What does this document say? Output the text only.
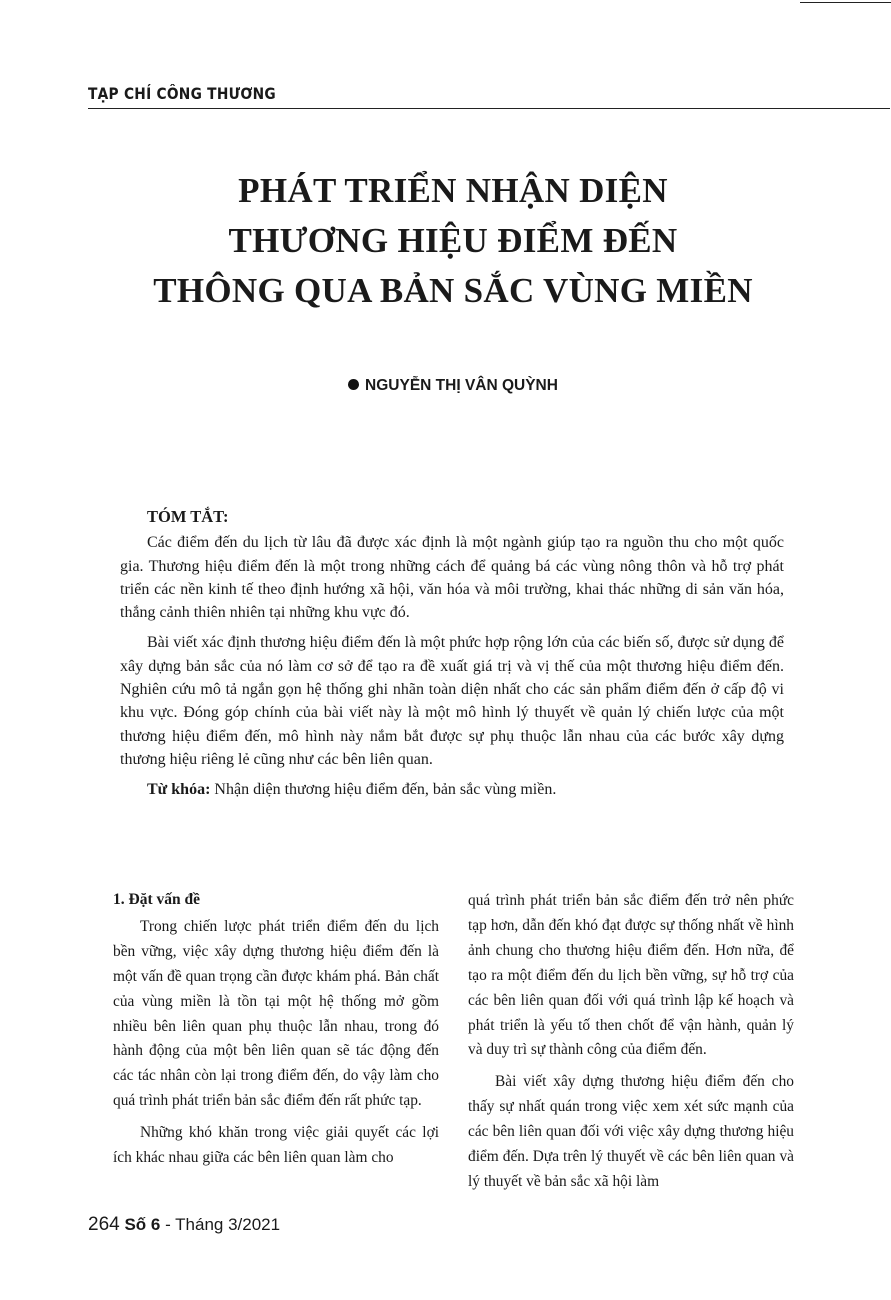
TẠP CHÍ CÔNG THƯƠNG
PHÁT TRIỂN NHẬN DIỆN
THƯƠNG HIỆU ĐIỂM ĐẾN
THÔNG QUA BẢN SẮC VÙNG MIỀN
NGUYỄN THỊ VÂN QUỲNH
TÓM TẮT:

Các điểm đến du lịch từ lâu đã được xác định là một ngành giúp tạo ra nguồn thu cho một quốc gia. Thương hiệu điểm đến là một trong những cách để quảng bá các vùng nông thôn và hỗ trợ phát triển các nền kinh tế theo định hướng xã hội, văn hóa và môi trường, khai thác những di sản văn hóa, thắng cảnh thiên nhiên tại những khu vực đó.

Bài viết xác định thương hiệu điểm đến là một phức hợp rộng lớn của các biến số, được sử dụng để xây dựng bản sắc của nó làm cơ sở để tạo ra đề xuất giá trị và vị thế của một thương hiệu điểm đến. Nghiên cứu mô tả ngắn gọn hệ thống ghi nhãn toàn diện nhất cho các sản phẩm điểm đến ở cấp độ vi khu vực. Đóng góp chính của bài viết này là một mô hình lý thuyết về quản lý chiến lược của một thương hiệu điểm đến, mô hình này nắm bắt được sự phụ thuộc lẫn nhau của các bước xây dựng thương hiệu riêng lẻ cũng như các bên liên quan.

Từ khóa: Nhận diện thương hiệu điểm đến, bản sắc vùng miền.

1. Đặt vấn đề

Trong chiến lược phát triển điểm đến du lịch bền vững, việc xây dựng thương hiệu điểm đến là một vấn đề quan trọng cần được khám phá. Bản chất của vùng miền là tồn tại một hệ thống mở gồm nhiều bên liên quan phụ thuộc lẫn nhau, trong đó hành động của một bên liên quan sẽ tác động đến các tác nhân còn lại trong điểm đến, do vậy làm cho quá trình phát triển bản sắc điểm đến rất phức tạp.

Những khó khăn trong việc giải quyết các lợi ích khác nhau giữa các bên liên quan làm cho

quá trình phát triển bản sắc điểm đến trở nên phức tạp hơn, dẫn đến khó đạt được sự thống nhất về hình ảnh chung cho thương hiệu điểm đến. Hơn nữa, để tạo ra một điểm đến du lịch bền vững, sự hỗ trợ của các bên liên quan đối với quá trình lập kế hoạch và phát triển là yếu tố then chốt để vận hành, quản lý và duy trì sự thành công của điểm đến.

Bài viết xây dựng thương hiệu điểm đến cho thấy sự nhất quán trong việc xem xét sức mạnh của các bên liên quan đối với việc xây dựng thương hiệu điểm đến. Dựa trên lý thuyết về các bên liên quan và lý thuyết về bản sắc xã hội làm

264 Số 6 - Tháng 3/2021
